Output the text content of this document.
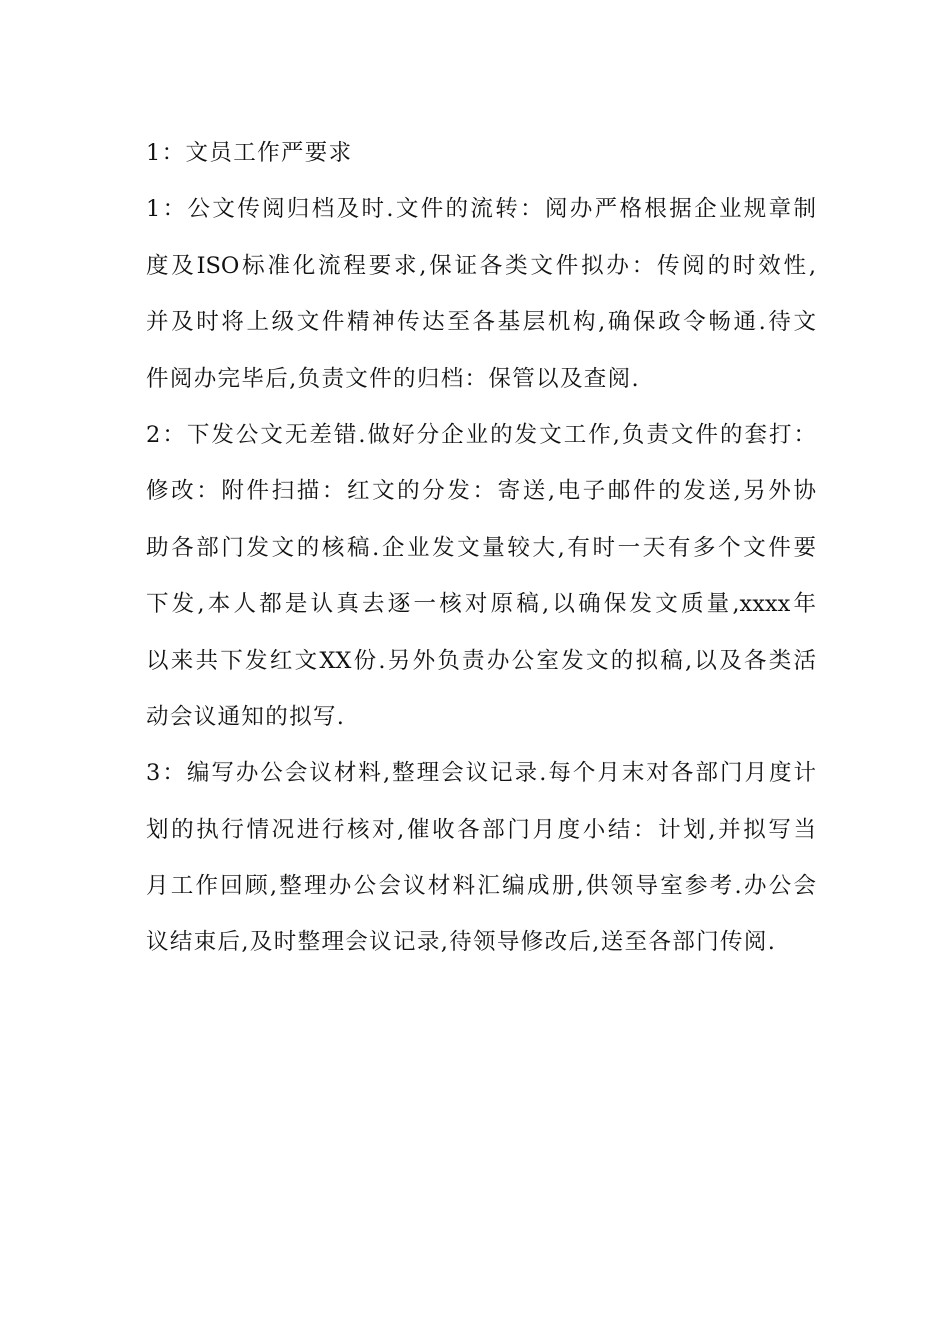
1：文员工作严要求
1：公文传阅归档及时.文件的流转：阅办严格根据企业规章制
度及ISO标准化流程要求,保证各类文件拟办：传阅的时效性,
并及时将上级文件精神传达至各基层机构,确保政令畅通.待文
件阅办完毕后,负责文件的归档：保管以及查阅.
2：下发公文无差错.做好分企业的发文工作,负责文件的套打：
修改：附件扫描：红文的分发：寄送,电子邮件的发送,另外协
助各部门发文的核稿.企业发文量较大,有时一天有多个文件要
下发,本人都是认真去逐一核对原稿,以确保发文质量,xxxx年
以来共下发红文XX份.另外负责办公室发文的拟稿,以及各类活
动会议通知的拟写.
3：编写办公会议材料,整理会议记录.每个月末对各部门月度计
划的执行情况进行核对,催收各部门月度小结：计划,并拟写当
月工作回顾,整理办公会议材料汇编成册,供领导室参考.办公会
议结束后,及时整理会议记录,待领导修改后,送至各部门传阅.
